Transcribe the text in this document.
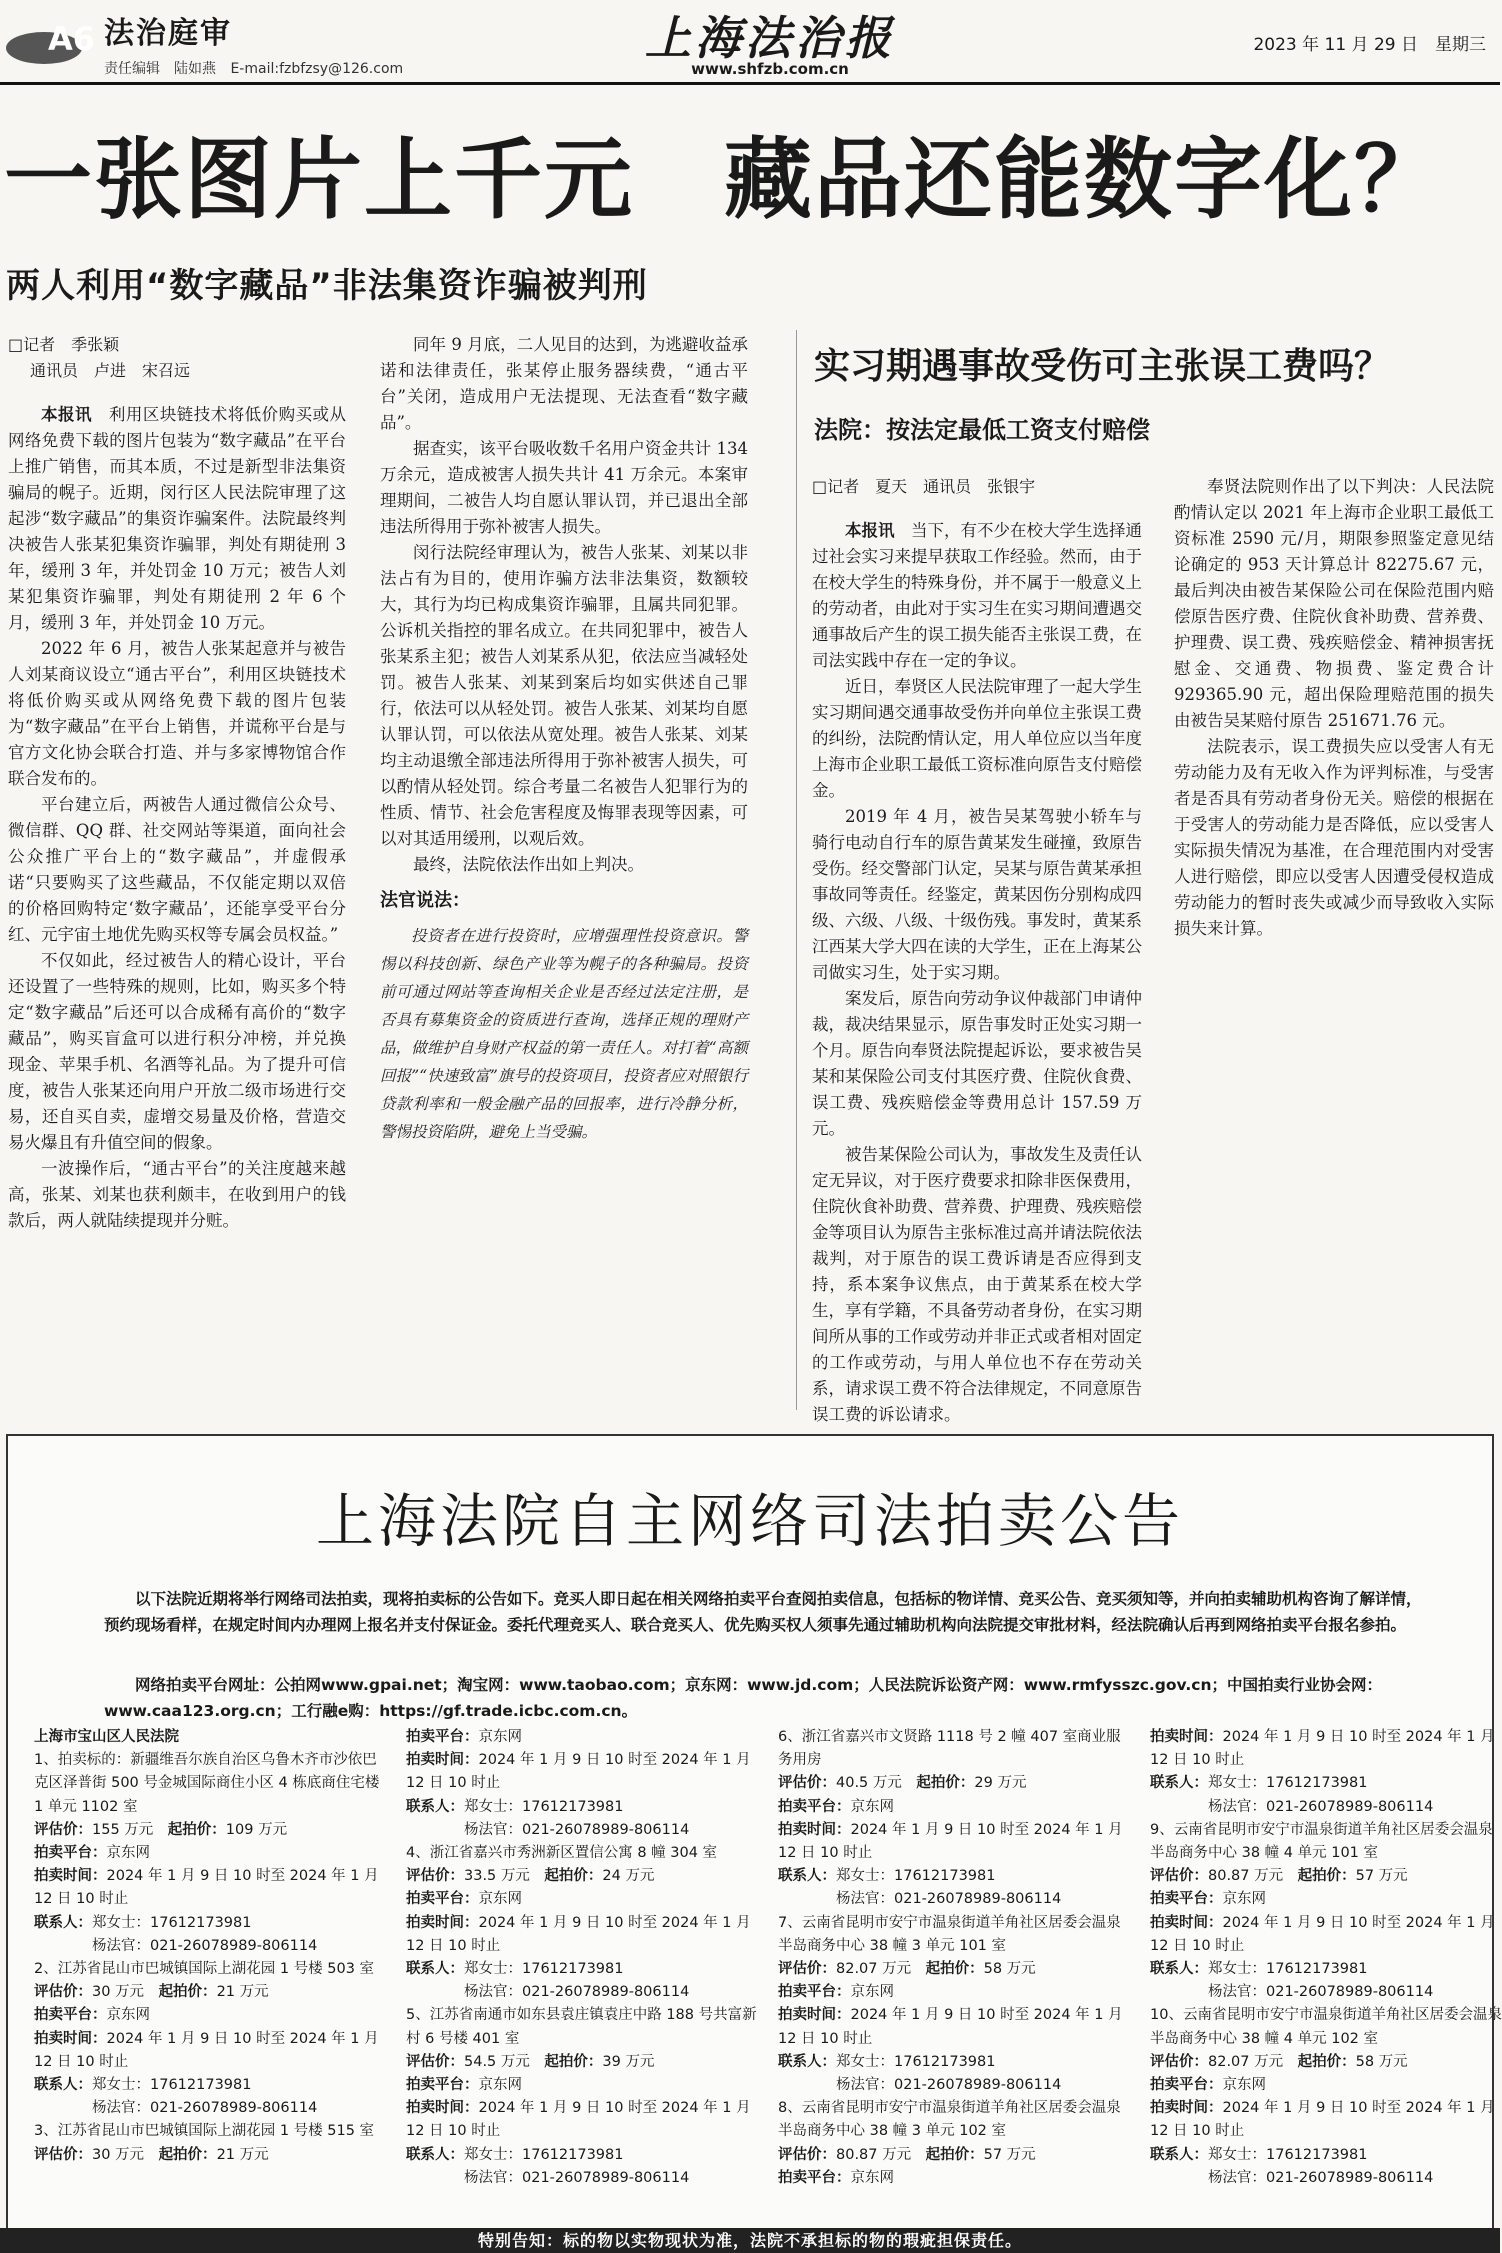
A6 法治庭审
责任编辑　陆如燕 E-mail:fzbfzsy@126.com
上海法治报
www.shfzb.com.cn
2023 年 11 月 29 日　星期三
一张图片上千元　藏品还能数字化？
两人利用“数字藏品”非法集资诈骗被判刑
□记者　季张颖
通讯员　卢进　宋召远

本报讯　 利用区块链技术将低价购买或从网络免费下载的图片包装为“数字藏品”在平台上推广销售，而其本质，不过是新型非法集资骗局的幌子。近期，闵行区人民法院审理了这起涉“数字藏品”的集资诈骗案件。法院最终判决被告人张某犯集资诈骗罪，判处有期徒刑 3 年，缓刑 3 年，并处罚金 10 万元；被告人刘某犯集资诈骗罪，判处有期徒刑 2 年 6 个月，缓刑 3 年，并处罚金 10 万元。

2022 年 6 月，被告人张某起意并与被告人刘某商议设立“通古平台”，利用区块链技术将低价购买或从网络免费下载的图片包装为“数字藏品”在平台上销售，并谎称平台是与官方文化协会联合打造、并与多家博物馆合作联合发布的。

平台建立后，两被告人通过微信公众号、微信群、QQ 群、社交网站等渠道，面向社会公众推广平台上的“数字藏品”，并虚假承诺“只要购买了这些藏品，不仅能定期以双倍的价格回购特定‘数字藏品’，还能享受平台分红、元宇宙土地优先购买权等专属会员权益。”

不仅如此，经过被告人的精心设计，平台还设置了一些特殊的规则，比如，购买多个特定“数字藏品”后还可以合成稀有高价的“数字藏品”，购买盲盒可以进行积分冲榜，并兑换现金、苹果手机、名酒等礼品。为了提升可信度，被告人张某还向用户开放二级市场进行交易，还自买自卖，虚增交易量及价格，营造交易火爆且有升值空间的假象。

一波操作后，“通古平台”的关注度越来越高，张某、刘某也获利颇丰，在收到用户的钱款后，两人就陆续提现并分赃。

同年 9 月底，二人见目的达到，为逃避收益承诺和法律责任，张某停止服务器续费，“通古平台”关闭，造成用户无法提现、无法查看“数字藏品”。

据查实，该平台吸收数千名用户资金共计 134 万余元，造成被害人损失共计 41 万余元。本案审理期间，二被告人均自愿认罪认罚，并已退出全部违法所得用于弥补被害人损失。

闵行法院经审理认为，被告人张某、刘某以非法占有为目的，使用诈骗方法非法集资，数额较大，其行为均已构成集资诈骗罪，且属共同犯罪。公诉机关指控的罪名成立。在共同犯罪中，被告人张某系主犯；被告人刘某系从犯，依法应当减轻处罚。被告人张某、刘某到案后均如实供述自己罪行，依法可以从轻处罚。被告人张某、刘某均自愿认罪认罚，可以依法从宽处理。被告人张某、刘某均主动退缴全部违法所得用于弥补被害人损失，可以酌情从轻处罚。综合考量二名被告人犯罪行为的性质、情节、社会危害程度及悔罪表现等因素，可以对其适用缓刑，以观后效。

最终，法院依法作出如上判决。

法官说法：

投资者在进行投资时，应增强理性投资意识。警惕以科技创新、绿色产业等为幌子的各种骗局。投资前可通过网站等查询相关企业是否经过法定注册，是否具有募集资金的资质进行查询，选择正规的理财产品，做维护自身财产权益的第一责任人。对打着“高额回报”“快速致富”旗号的投资项目，投资者应对照银行贷款利率和一般金融产品的回报率，进行冷静分析，警惕投资陷阱，避免上当受骗。

实习期遇事故受伤可主张误工费吗？
法院：按法定最低工资支付赔偿
□记者　夏天　通讯员　张银宇

本报讯　 当下，有不少在校大学生选择通过社会实习来提早获取工作经验。然而，由于在校大学生的特殊身份，并不属于一般意义上的劳动者，由此对于实习生在实习期间遭遇交通事故后产生的误工损失能否主张误工费，在司法实践中存在一定的争议。

近日，奉贤区人民法院审理了一起大学生实习期间遇交通事故受伤并向单位主张误工费的纠纷，法院酌情认定，用人单位应以当年度上海市企业职工最低工资标准向原告支付赔偿金。

2019 年 4 月，被告吴某驾驶小轿车与骑行电动自行车的原告黄某发生碰撞，致原告受伤。经交警部门认定，吴某与原告黄某承担事故同等责任。经鉴定，黄某因伤分别构成四级、六级、八级、十级伤残。事发时，黄某系江西某大学大四在读的大学生，正在上海某公司做实习生，处于实习期。

案发后，原告向劳动争议仲裁部门申请仲裁，裁决结果显示，原告事发时正处实习期一个月。原告向奉贤法院提起诉讼，要求被告吴某和某保险公司支付其医疗费、住院伙食费、误工费、残疾赔偿金等费用总计 157.59 万元。

被告某保险公司认为，事故发生及责任认定无异议，对于医疗费要求扣除非医保费用，住院伙食补助费、营养费、护理费、残疾赔偿金等项目认为原告主张标准过高并请法院依法裁判，对于原告的误工费诉请是否应得到支持，系本案争议焦点，由于黄某系在校大学生，享有学籍，不具备劳动者身份，在实习期间所从事的工作或劳动并非正式或者相对固定的工作或劳动，与用人单位也不存在劳动关系，请求误工费不符合法律规定，不同意原告误工费的诉讼请求。

奉贤法院则作出了以下判决：人民法院酌情认定以 2021 年上海市企业职工最低工资标准 2590 元/月，期限参照鉴定意见结论确定的 953 天计算总计 82275.67 元，最后判决由被告某保险公司在保险范围内赔偿原告医疗费、住院伙食补助费、营养费、护理费、误工费、残疾赔偿金、精神损害抚慰金、交通费、物损费、鉴定费合计 929365.90 元，超出保险理赔范围的损失由被告吴某赔付原告 251671.76 元。

法院表示，误工费损失应以受害人有无劳动能力及有无收入作为评判标准，与受害者是否具有劳动者身份无关。赔偿的根据在于受害人的劳动能力是否降低，应以受害人实际损失情况为基准，在合理范围内对受害人进行赔偿，即应以受害人因遭受侵权造成劳动能力的暂时丧失或减少而导致收入实际损失来计算。

上海法院自主网络司法拍卖公告

以下法院近期将举行网络司法拍卖，现将拍卖标的公告如下。竞买人即日起在相关网络拍卖平台查阅拍卖信息，包括标的物详情、竞买公告、竞买须知等，并向拍卖辅助机构咨询了解详情，预约现场看样，在规定时间内办理网上报名并支付保证金。委托代理竞买人、联合竞买人、优先购买权人须事先通过辅助机构向法院提交审批材料，经法院确认后再到网络拍卖平台报名参拍。

网络拍卖平台网址：公拍网www.gpai.net；淘宝网：www.taobao.com；京东网：www.jd.com；人民法院诉讼资产网：www.rmfysszc.gov.cn；中国拍卖行业协会网：www.caa123.org.cn；工行融e购：https://gf.trade.icbc.com.cn。
上海市宝山区人民法院
1、拍卖标的：新疆维吾尔族自治区乌鲁木齐市沙依巴克区泽普街 500 号金城国际商住小区 4 栋底商住宅楼 1 单元 1102 室
评估价：155 万元　起拍价：109 万元
拍卖平台：京东网
拍卖时间：2024 年 1 月 9 日 10 时至 2024 年 1 月 12 日 10 时止
联系人：郑女士：17612173981
　　　　杨法官：021-26078989-806114
2、江苏省昆山市巴城镇国际上湖花园 1 号楼 503 室
评估价：30 万元　起拍价：21 万元
拍卖平台：京东网
拍卖时间：2024 年 1 月 9 日 10 时至 2024 年 1 月 12 日 10 时止
联系人：郑女士：17612173981
　　　　杨法官：021-26078989-806114
3、江苏省昆山市巴城镇国际上湖花园 1 号楼 515 室
评估价：30 万元　起拍价：21 万元
拍卖平台：京东网
拍卖时间：2024 年 1 月 9 日 10 时至 2024 年 1 月 12 日 10 时止
联系人：郑女士：17612173981
　　　　杨法官：021-26078989-806114
4、浙江省嘉兴市秀洲新区置信公寓 8 幢 304 室
评估价：33.5 万元　起拍价：24 万元
拍卖平台：京东网
拍卖时间：2024 年 1 月 9 日 10 时至 2024 年 1 月 12 日 10 时止
联系人：郑女士：17612173981
　　　　杨法官：021-26078989-806114
5、江苏省南通市如东县袁庄镇袁庄中路 188 号共富新村 6 号楼 401 室
评估价：54.5 万元　起拍价：39 万元
拍卖平台：京东网
拍卖时间：2024 年 1 月 9 日 10 时至 2024 年 1 月 12 日 10 时止
联系人：郑女士：17612173981
　　　　杨法官：021-26078989-806114
6、浙江省嘉兴市文贤路 1118 号 2 幢 407 室商业服务用房
评估价：40.5 万元　起拍价：29 万元
拍卖平台：京东网
拍卖时间：2024 年 1 月 9 日 10 时至 2024 年 1 月 12 日 10 时止
联系人：郑女士：17612173981
　　　　杨法官：021-26078989-806114
7、云南省昆明市安宁市温泉街道羊角社区居委会温泉半岛商务中心 38 幢 3 单元 101 室
评估价：82.07 万元　起拍价：58 万元
拍卖平台：京东网
拍卖时间：2024 年 1 月 9 日 10 时至 2024 年 1 月 12 日 10 时止
联系人：郑女士：17612173981
　　　　杨法官：021-26078989-806114
8、云南省昆明市安宁市温泉街道羊角社区居委会温泉半岛商务中心 38 幢 3 单元 102 室
评估价：80.87 万元　起拍价：57 万元
拍卖平台：京东网
拍卖时间：2024 年 1 月 9 日 10 时至 2024 年 1 月 12 日 10 时止
联系人：郑女士：17612173981
　　　　杨法官：021-26078989-806114
9、云南省昆明市安宁市温泉街道羊角社区居委会温泉半岛商务中心 38 幢 4 单元 101 室
评估价：80.87 万元　起拍价：57 万元
拍卖平台：京东网
拍卖时间：2024 年 1 月 9 日 10 时至 2024 年 1 月 12 日 10 时止
联系人：郑女士：17612173981
　　　　杨法官：021-26078989-806114
10、云南省昆明市安宁市温泉街道羊角社区居委会温泉半岛商务中心 38 幢 4 单元 102 室
评估价：82.07 万元　起拍价：58 万元
拍卖平台：京东网
拍卖时间：2024 年 1 月 9 日 10 时至 2024 年 1 月 12 日 10 时止
联系人：郑女士：17612173981
　　　　杨法官：021-26078989-806114
特别告知：标的物以实物现状为准，法院不承担标的物的瑕疵担保责任。
